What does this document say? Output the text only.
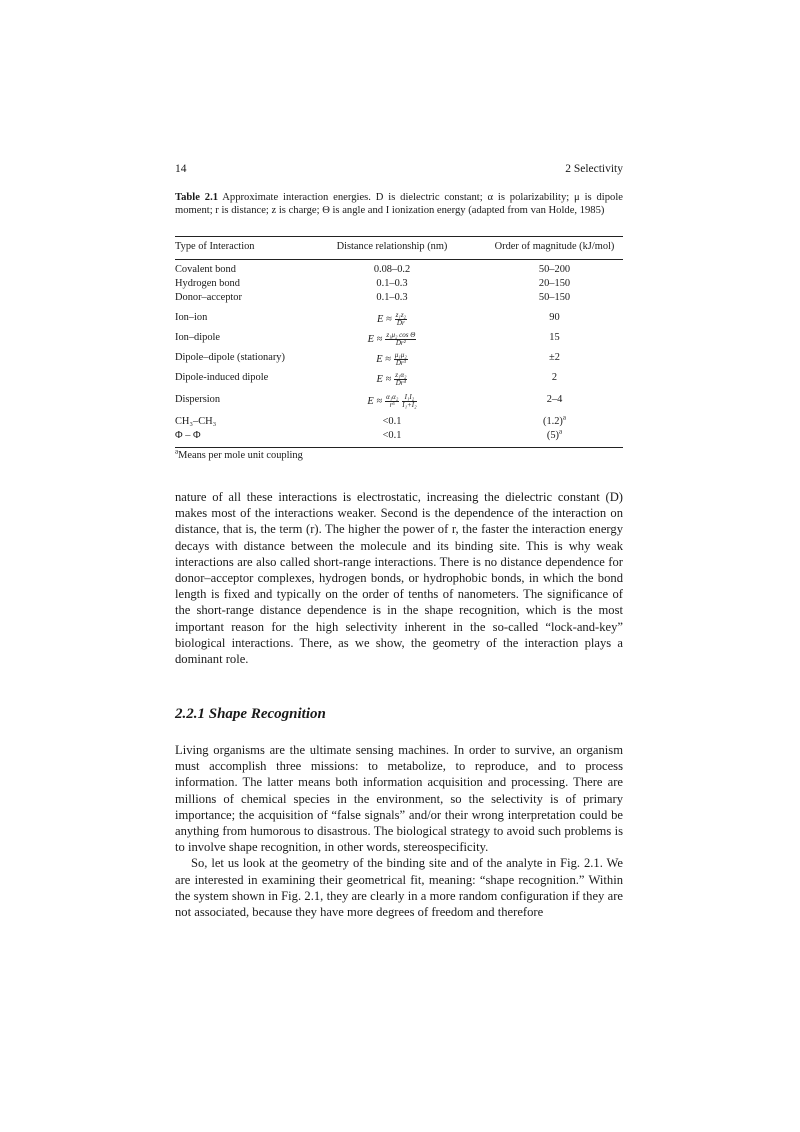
14	2 Selectivity
Table 2.1 Approximate interaction energies. D is dielectric constant; α is polarizability; μ is dipole moment; r is distance; z is charge; Θ is angle and I ionization energy (adapted from van Holde, 1985)
Type of Interaction	Distance relationship (nm)	Order of magnitude (kJ/mol)
Covalent bond	0.08–0.2	50–200
Hydrogen bond	0.1–0.3	20–150
Donor–acceptor	0.1–0.3	50–150
Ion–ion	$E \approx \frac{\text{z₁z₂}}{Dr}$	90
Ion–dipole	$E \approx \frac{\text{z₁μ₂ cos Θ}}{\text{Dr²}}$	15
Dipole–dipole (stationary)	$E \approx \frac{\text{μ₁μ₂}}{\text{Dr³}}$	±2
Dipole-induced dipole	$E \approx \frac{\text{z₁α₂}}{\text{Dr⁴}}$	2
Dispersion	$E \approx \frac{\text{α₁α₂}}{\text{r⁶}} \frac{\text{I₁I₂}}{\text{I₁+I₂}}$	2–4
CH₃–CH₃	<0.1	$(1.2)^a$
Φ – Φ	<0.1	$(5)^a$
$^a$Means per mole unit coupling

nature of all these interactions is electrostatic, increasing the dielectric constant (D) makes most of the interactions weaker. Second is the dependence of the interaction on distance, that is, the term (r). The higher the power of r, the faster the interaction energy decays with distance between the molecule and its binding site. This is why weak interactions are also called short-range interactions. There is no distance dependence for donor–acceptor complexes, hydrogen bonds, or hydrophobic bonds, in which the bond length is fixed and typically on the order of tenths of nanometers. The significance of the short-range distance dependence is in the shape recognition, which is the most important reason for the high selectivity inherent in the so-called “lock-and-key” biological interactions. There, as we show, the geometry of the interaction plays a dominant role.

2.2.1 Shape Recognition

Living organisms are the ultimate sensing machines. In order to survive, an organism must accomplish three missions: to metabolize, to reproduce, and to process information. The latter means both information acquisition and processing. There are millions of chemical species in the environment, so the selectivity is of primary importance; the acquisition of “false signals” and/or their wrong interpretation could be anything from humorous to disastrous. The biological strategy to avoid such problems is to involve shape recognition, in other words, stereospecificity.

So, let us look at the geometry of the binding site and of the analyte in Fig. 2.1. We are interested in examining their geometrical fit, meaning: “shape recognition.” Within the system shown in Fig. 2.1, they are clearly in a more random configuration if they are not associated, because they have more degrees of freedom and therefore
